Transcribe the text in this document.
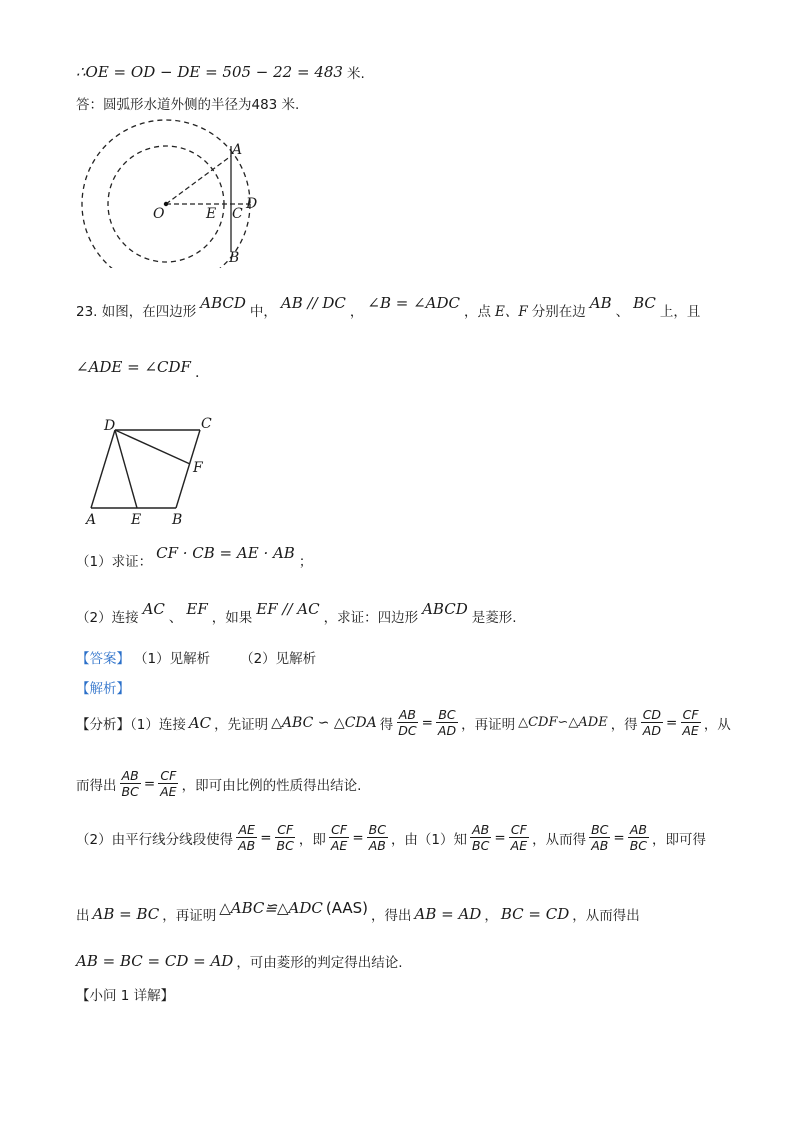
∴OE = OD − DE = 505 − 22 = 483 米.
答：圆弧形水道外侧的半径为483 米.
A
B
O	E C
D
23. 如图，在四边形 ABCD 中， AB // DC ， ∠B = ∠ADC ，点 E、F 分别在边 AB 、 BC 上，且
∠ADE = ∠CDF .
D	C
F
A E B
（1）求证： CF · CB = AE · AB ；
（2）连接 AC 、 EF ，如果 EF // AC ，求证：四边形 ABCD 是菱形.
【答案】 （1）见解析 （2）见解析
【解析】
【分析】（1）连接 AC ，先证明 △ABC ∽ △CDA 得 $\frac{AB}{DC} = \frac{BC}{AD}$ ，再证明 △CDF∽△ADE ，得 $\frac{CD}{AD} = \frac{CF}{AE}$ ，从
而得出 $\frac{AB}{BC} = \frac{CF}{AE}$ ，即可由比例的性质得出结论.
（2）由平行线分线段使得 $\frac{AE}{AB} = \frac{CF}{BC}$ ，即 $\frac{CF}{AE} = \frac{BC}{AB}$ ，由（1）知 $\frac{AB}{BC} = \frac{CF}{AE}$ ，从而得 $\frac{BC}{AB} = \frac{AB}{BC}$ ，即可得
出 AB = BC ，再证明 △ABC≌△ADC (AAS) ，得出 AB = AD ， BC = CD ，从而得出
AB = BC = CD = AD ，可由菱形的判定得出结论.
【小问 1 详解】
